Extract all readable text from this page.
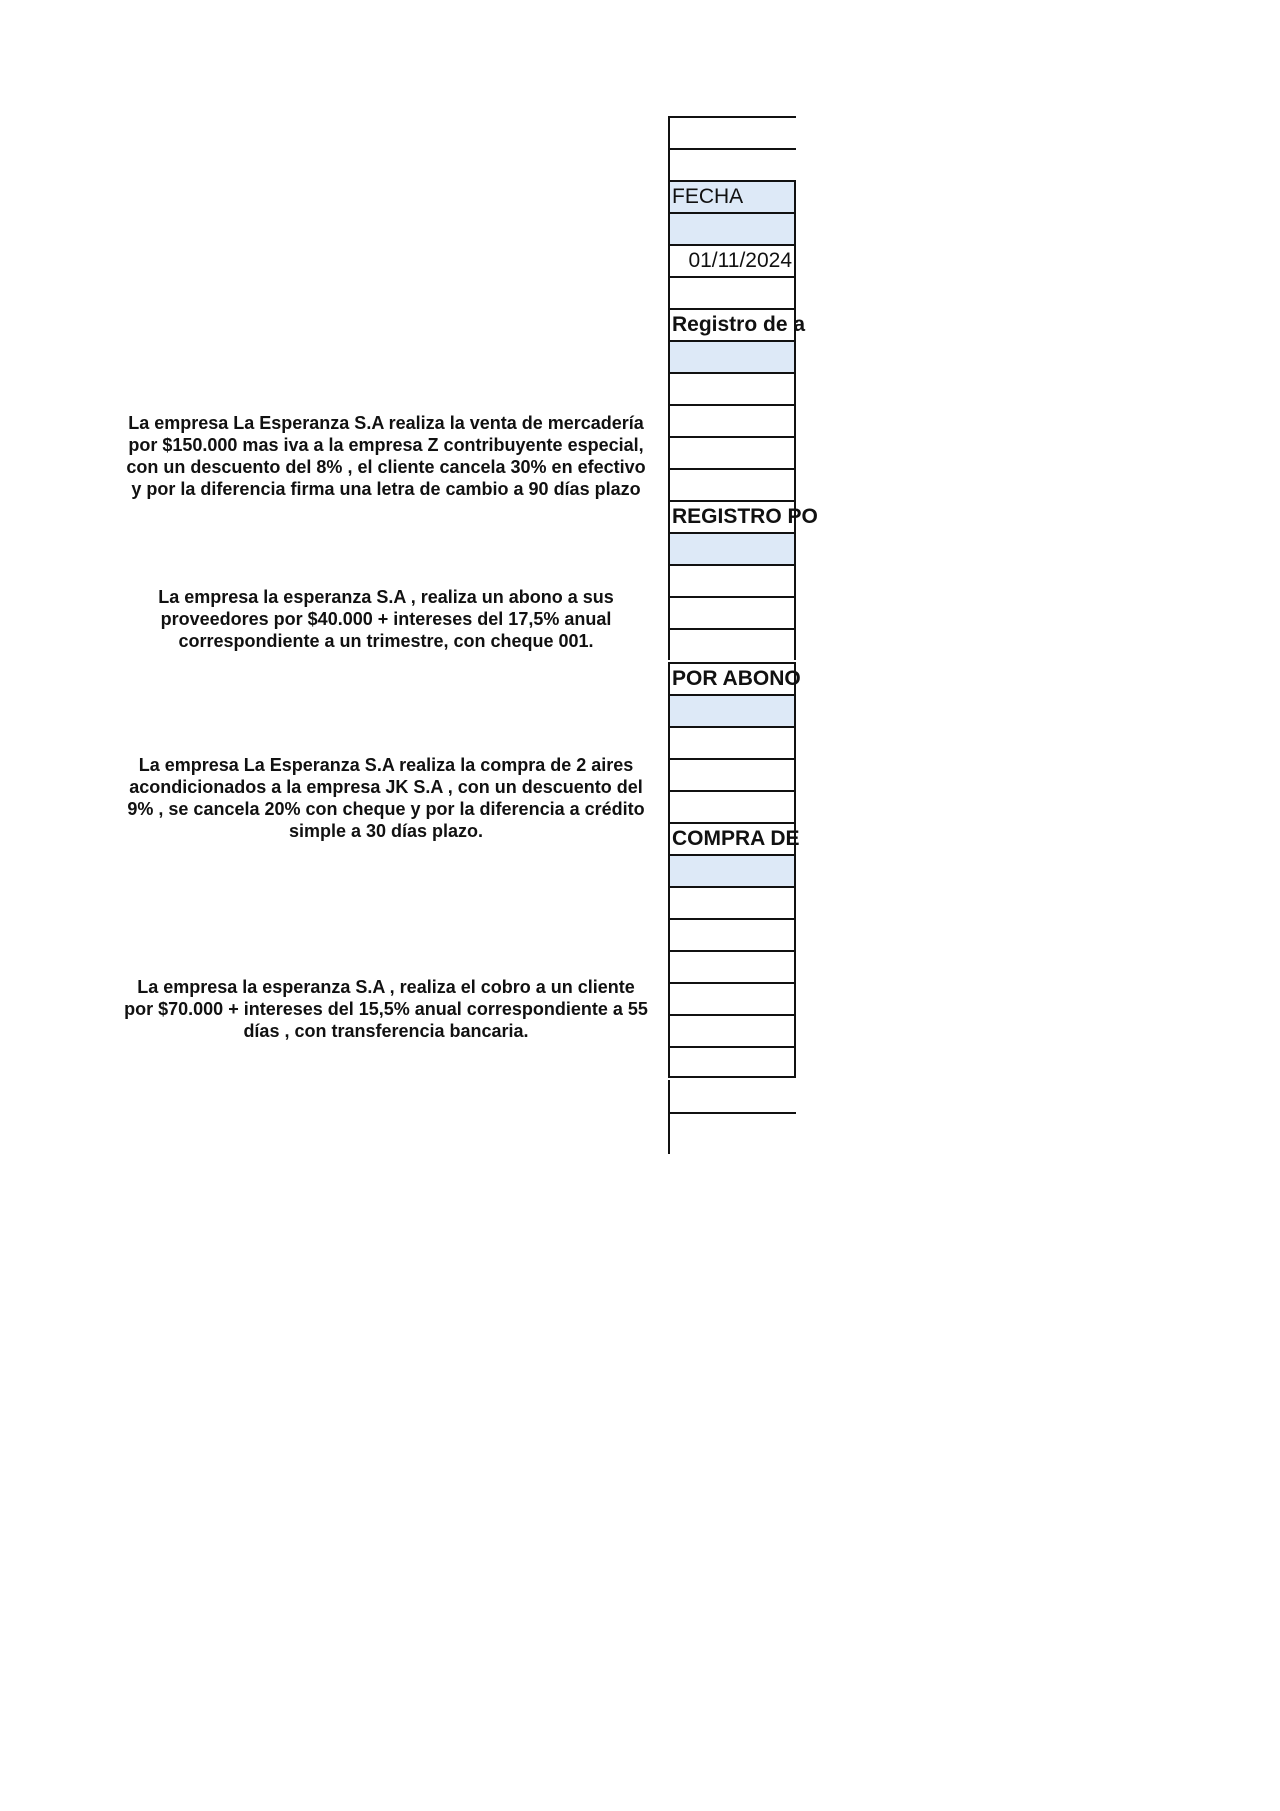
La empresa La Esperanza S.A realiza la venta de mercadería
por $150.000 mas iva a la empresa Z contribuyente especial,
con un descuento del 8% , el cliente cancela 30% en efectivo
y por la diferencia firma una letra de cambio a 90 días plazo
La empresa la esperanza S.A , realiza un abono a sus
proveedores por $40.000 + intereses del 17,5% anual
correspondiente a un trimestre, con cheque 001.
La empresa La Esperanza S.A realiza la compra de 2 aires
acondicionados a la empresa JK S.A , con un descuento del
9% , se cancela 20% con cheque y por la diferencia a crédito
simple a 30 días plazo.
La empresa la esperanza S.A , realiza el cobro a un cliente
por $70.000 + intereses del 15,5% anual correspondiente a 55
días , con transferencia bancaria.
FECHA
01/11/2024
Registro de a
REGISTRO PO
POR ABONO
COMPRA DE
